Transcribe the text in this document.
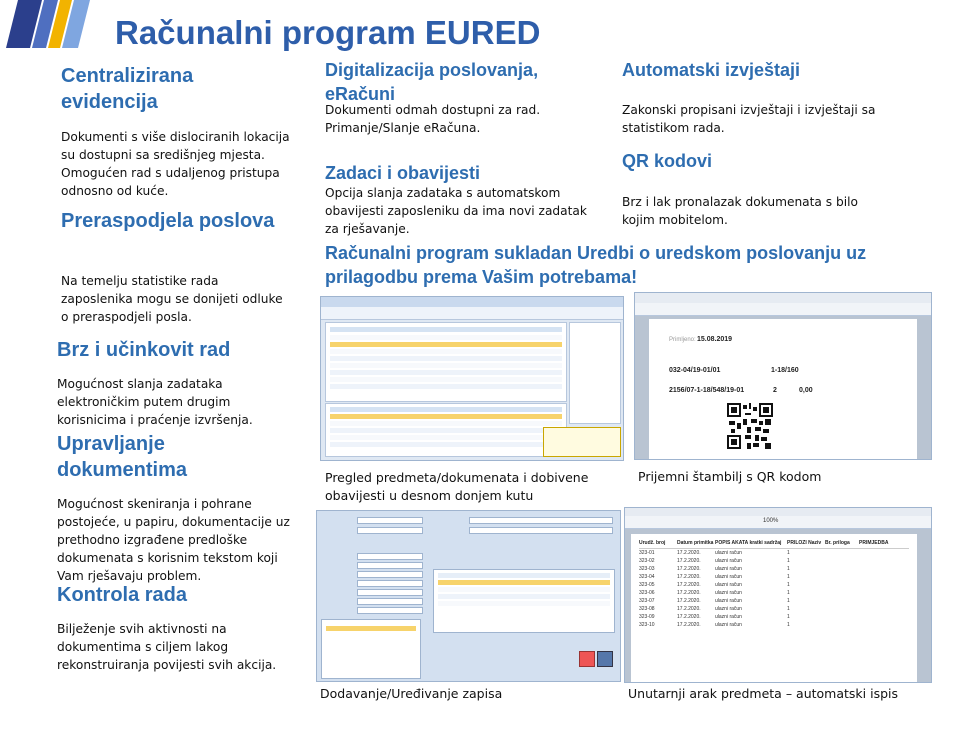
Računalni program EURED
Centralizirana evidencija
Dokumenti s više dislociranih lokacija su dostupni sa središnjeg mjesta. Omogućen rad s udaljenog pristupa odnosno od kuće.
Preraspodjela poslova
Na temelju statistike rada zaposlenika mogu se donijeti odluke o preraspodjeli posla.
Brz i učinkovit rad
Mogućnost slanja zadataka elektroničkim putem drugim korisnicima i praćenje izvršenja.
Upravljanje dokumentima
Mogućnost skeniranja i pohrane postojeće, u papiru, dokumentacije uz prethodno izgrađene predloške dokumenata s korisnim tekstom koji Vam rješavaju problem.
Kontrola rada
Bilježenje svih aktivnosti na dokumentima s ciljem lakog rekonstruiranja povijesti svih akcija.
Digitalizacija poslovanja, eRačuni
Dokumenti odmah dostupni za rad. Primanje/Slanje eRačuna.
Zadaci i obavijesti
Opcija slanja zadataka s automatskom obavijesti zaposleniku da ima novi zadatak za rješavanje.
Automatski izvještaji
Zakonski propisani izvještaji i izvještaji sa statistikom rada.
QR kodovi
Brz i lak pronalazak dokumenata s bilo kojim mobitelom.
Računalni program sukladan Uredbi o uredskom poslovanju uz prilagodbu prema Vašim potrebama!
Pregled predmeta/dokumenata i dobivene obavijesti u desnom donjem kutu
Primljeno: 15.08.2019
032-04/19-01/01	1-18/160
2156/07-1-18/548/19-01	2	0,00
Prijemni štambilj s QR kodom
Dodavanje/Uređivanje zapisa
100%
Urudž. broj	Datum primitka POPIS AKATA kratki sadržaj	PRILOZI Naziv Br. priloga	PRIMJEDBA
323-01	17.2.2020.	ulazni račun	1
323-02	17.2.2020.	ulazni račun	1
323-03	17.2.2020.	ulazni račun	1
323-04	17.2.2020.	ulazni račun	1
323-05	17.2.2020.	ulazni račun	1
323-06	17.2.2020.	ulazni račun	1
323-07	17.2.2020.	ulazni račun	1
323-08	17.2.2020.	ulazni račun	1
323-09	17.2.2020.	ulazni račun	1
323-10	17.2.2020.	ulazni račun	1
Unutarnji arak predmeta – automatski ispis
